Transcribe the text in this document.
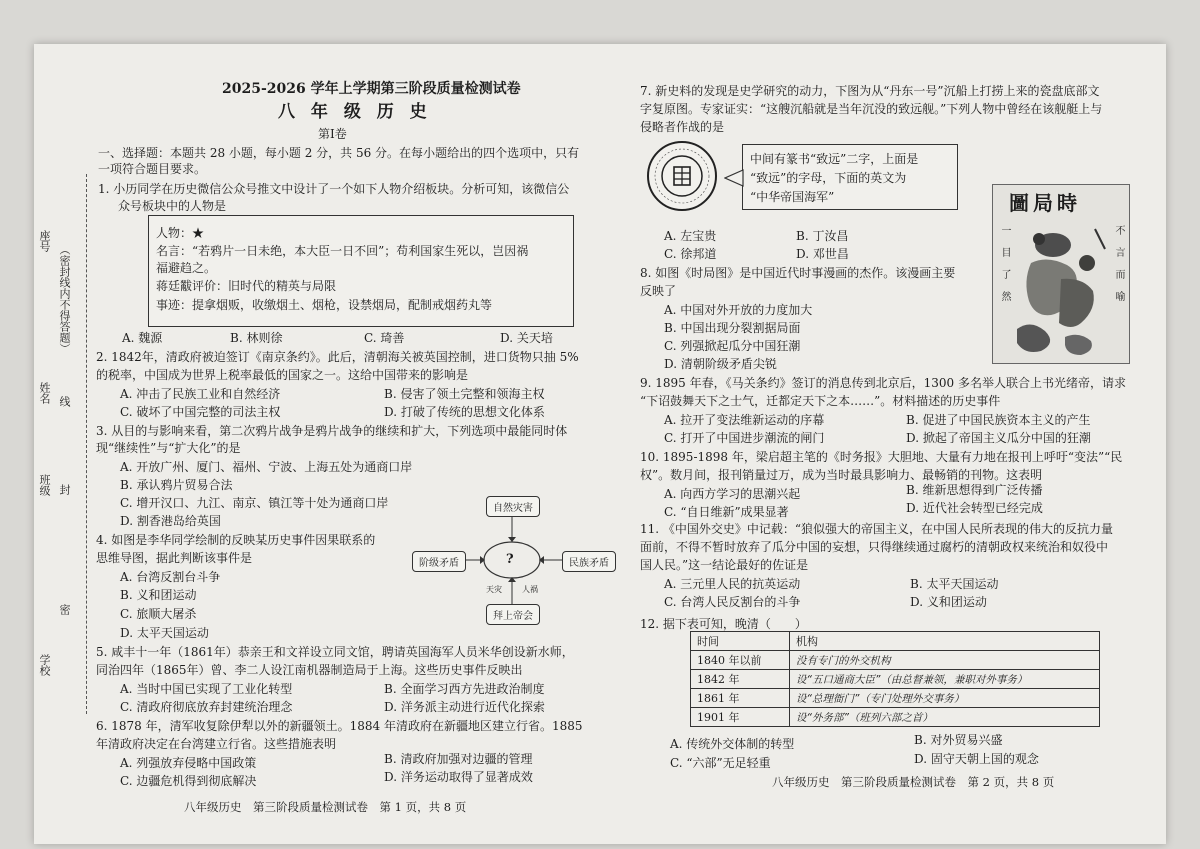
座号
（密封线内不得答题）
姓名 线
班级 封
密
学校
2025-2026 学年上学期第三阶段质量检测试卷
八 年 级 历 史
第Ⅰ卷
一、选择题：本题共 28 小题，每小题 2 分，共 56 分。在每小题给出的四个选项中，只有
一项符合题目要求。
1. 小历同学在历史微信公众号推文中设计了一个如下人物介绍板块。分析可知，该微信公
众号板块中的人物是
人物：★
名言：“若鸦片一日未绝，本大臣一日不回”；苟利国家生死以，岂因祸
福避趋之。
蒋廷黻评价：旧时代的精英与局限
事迹：提拿烟贩，收缴烟土、烟枪，设禁烟局，配制戒烟药丸等
A. 魏源	B. 林则徐	C. 琦善	D. 关天培
2. 1842年，清政府被迫签订《南京条约》。此后，清朝海关被英国控制，进口货物只抽 5%
的税率，中国成为世界上税率最低的国家之一。这给中国带来的影响是
A. 冲击了民族工业和自然经济	B. 侵害了领土完整和领海主权
C. 破坏了中国完整的司法主权	D. 打破了传统的思想文化体系
3. 从目的与影响来看，第二次鸦片战争是鸦片战争的继续和扩大，下列选项中最能同时体
现“继续性”与“扩大化”的是
A. 开放广州、厦门、福州、宁波、上海五处为通商口岸
B. 承认鸦片贸易合法
C. 增开汉口、九江、南京、镇江等十处为通商口岸
D. 割香港岛给英国
4. 如图是李华同学绘制的反映某历史事件因果联系的
思维导图，据此判断该事件是
A. 台湾反割台斗争
B. 义和团运动
C. 旅顺大屠杀
D. 太平天国运动
自然灾害
阶级矛盾	民族矛盾
拜上帝会
?
天灾	人祸
5. 咸丰十一年（1861年）恭亲王和文祥设立同文馆，聘请英国海军人员米华创设新水师，
同治四年（1865年）曾、李二人设江南机器制造局于上海。这些历史事件反映出
A. 当时中国已实现了工业化转型	B. 全面学习西方先进政治制度
C. 清政府彻底放弃封建统治理念	D. 洋务派主动进行近代化探索
6. 1878 年，清军收复除伊犁以外的新疆领土。1884 年清政府在新疆地区建立行省。1885
年清政府决定在台湾建立行省。这些措施表明
A. 列强放弃侵略中国政策	B. 清政府加强对边疆的管理
C. 边疆危机得到彻底解决	D. 洋务运动取得了显著成效
八年级历史　第三阶段质量检测试卷　第 1 页，共 8 页
7. 新史料的发现是史学研究的动力，下图为从“丹东一号”沉船上打捞上来的瓷盘底部文
字复原图。专家证实：“这艘沉船就是当年沉没的致远舰。”下列人物中曾经在该舰艇上与
侵略者作战的是
中间有篆书“致远”二字，上面是
“致远”的字母，下面的英文为
“中华帝国海军”
A. 左宝贵	B. 丁汝昌
C. 徐邦道	D. 邓世昌
圖局時
一目了然	不言而喻
8. 如图《时局图》是中国近代时事漫画的杰作。该漫画主要
反映了
A. 中国对外开放的力度加大
B. 中国出现分裂割据局面
C. 列强掀起瓜分中国狂潮
D. 清朝阶级矛盾尖锐
9. 1895 年春，《马关条约》签订的消息传到北京后，1300 多名举人联合上书光绪帝，请求
“下诏鼓舞天下之士气，迁都定天下之本……”。材料描述的历史事件
A. 拉开了变法维新运动的序幕	B. 促进了中国民族资本主义的产生
C. 打开了中国进步潮流的闸门	D. 掀起了帝国主义瓜分中国的狂潮
10. 1895-1898 年，梁启超主笔的《时务报》大胆地、大量有力地在报刊上呼吁“变法”“民
权”。数月间，报刊销量过万，成为当时最具影响力、最畅销的刊物。这表明
A. 向西方学习的思潮兴起	B. 维新思想得到广泛传播
C. “自日维新”成果显著	D. 近代社会转型已经完成
11. 《中国外交史》中记载：“狼似强大的帝国主义，在中国人民所表现的伟大的反抗力量
面前，不得不暂时放弃了瓜分中国的妄想，只得继续通过腐朽的清朝政权来统治和奴役中
国人民。”这一结论最好的佐证是
A. 三元里人民的抗英运动	B. 太平天国运动
C. 台湾人民反割台的斗争	D. 义和团运动
12. 据下表可知，晚清（　　）
时间	机构
1840 年以前	没有专门的外交机构
1842 年	设“五口通商大臣”（由总督兼领，兼职对外事务）
1861 年	设“总理衙门”（专门处理外交事务）
1901 年	设“外务部”（班列六部之首）
A. 传统外交体制的转型	B. 对外贸易兴盛
C. “六部”无足轻重	D. 固守天朝上国的观念
八年级历史　第三阶段质量检测试卷　第 2 页，共 8 页
